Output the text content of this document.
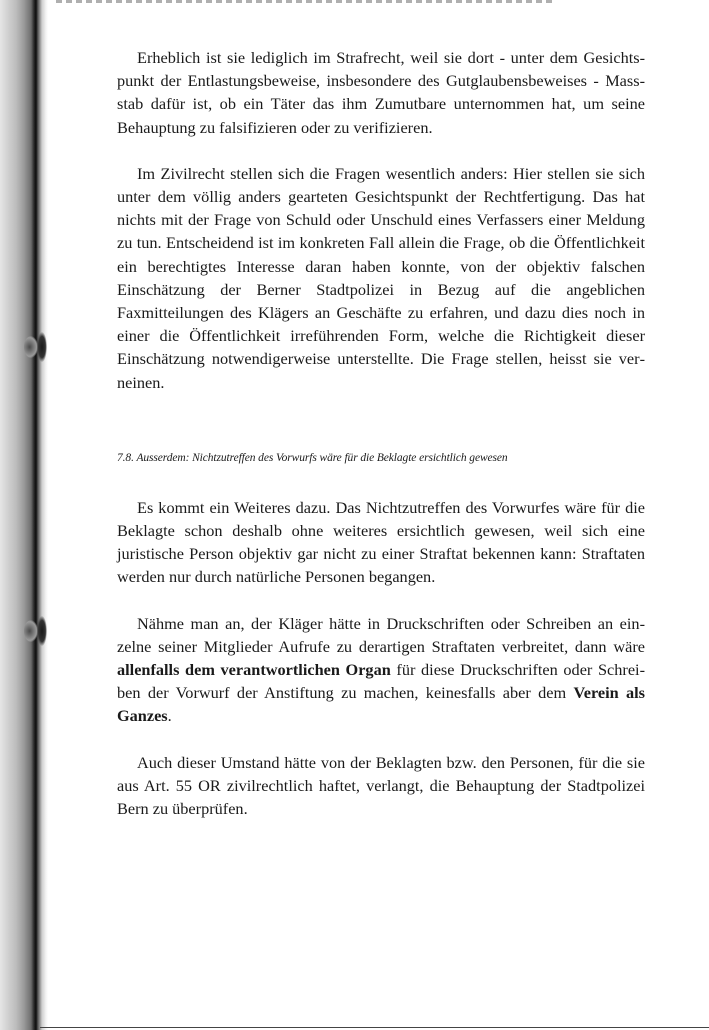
Erheblich ist sie lediglich im Strafrecht, weil sie dort - unter dem Gesichtspunkt der Entlastungsbeweise, insbesondere des Gutglaubensbeweises - Massstab dafür ist, ob ein Täter das ihm Zumutbare unternommen hat, um seine Behauptung zu falsifizieren oder zu verifizieren.

Im Zivilrecht stellen sich die Fragen wesentlich anders: Hier stellen sie sich unter dem völlig anders gearteten Gesichtspunkt der Rechtfertigung. Das hat nichts mit der Frage von Schuld oder Unschuld eines Verfassers einer Meldung zu tun. Entscheidend ist im konkreten Fall allein die Frage, ob die Öffentlichkeit ein berechtigtes Interesse daran haben konnte, von der objektiv falschen Einschätzung der Berner Stadtpolizei in Bezug auf die angeblichen Faxmitteilungen des Klägers an Geschäfte zu erfahren, und dazu dies noch in einer die Öffentlichkeit irreführenden Form, welche die Richtigkeit dieser Einschätzung notwendigerweise unterstellte. Die Frage stellen, heisst sie verneinen.

7.8. Ausserdem: Nichtzutreffen des Vorwurfs wäre für die Beklagte ersichtlich gewesen

Es kommt ein Weiteres dazu. Das Nichtzutreffen des Vorwurfes wäre für die Beklagte schon deshalb ohne weiteres ersichtlich gewesen, weil sich eine juristische Person objektiv gar nicht zu einer Straftat bekennen kann: Straftaten werden nur durch natürliche Personen begangen.

Nähme man an, der Kläger hätte in Druckschriften oder Schreiben an einzelne seiner Mitglieder Aufrufe zu derartigen Straftaten verbreitet, dann wäre allenfalls dem verantwortlichen Organ für diese Druckschriften oder Schreiben der Vorwurf der Anstiftung zu machen, keinesfalls aber dem Verein als Ganzes.

Auch dieser Umstand hätte von der Beklagten bzw. den Personen, für die sie aus Art. 55 OR zivilrechtlich haftet, verlangt, die Behauptung der Stadtpolizei Bern zu überprüfen.
